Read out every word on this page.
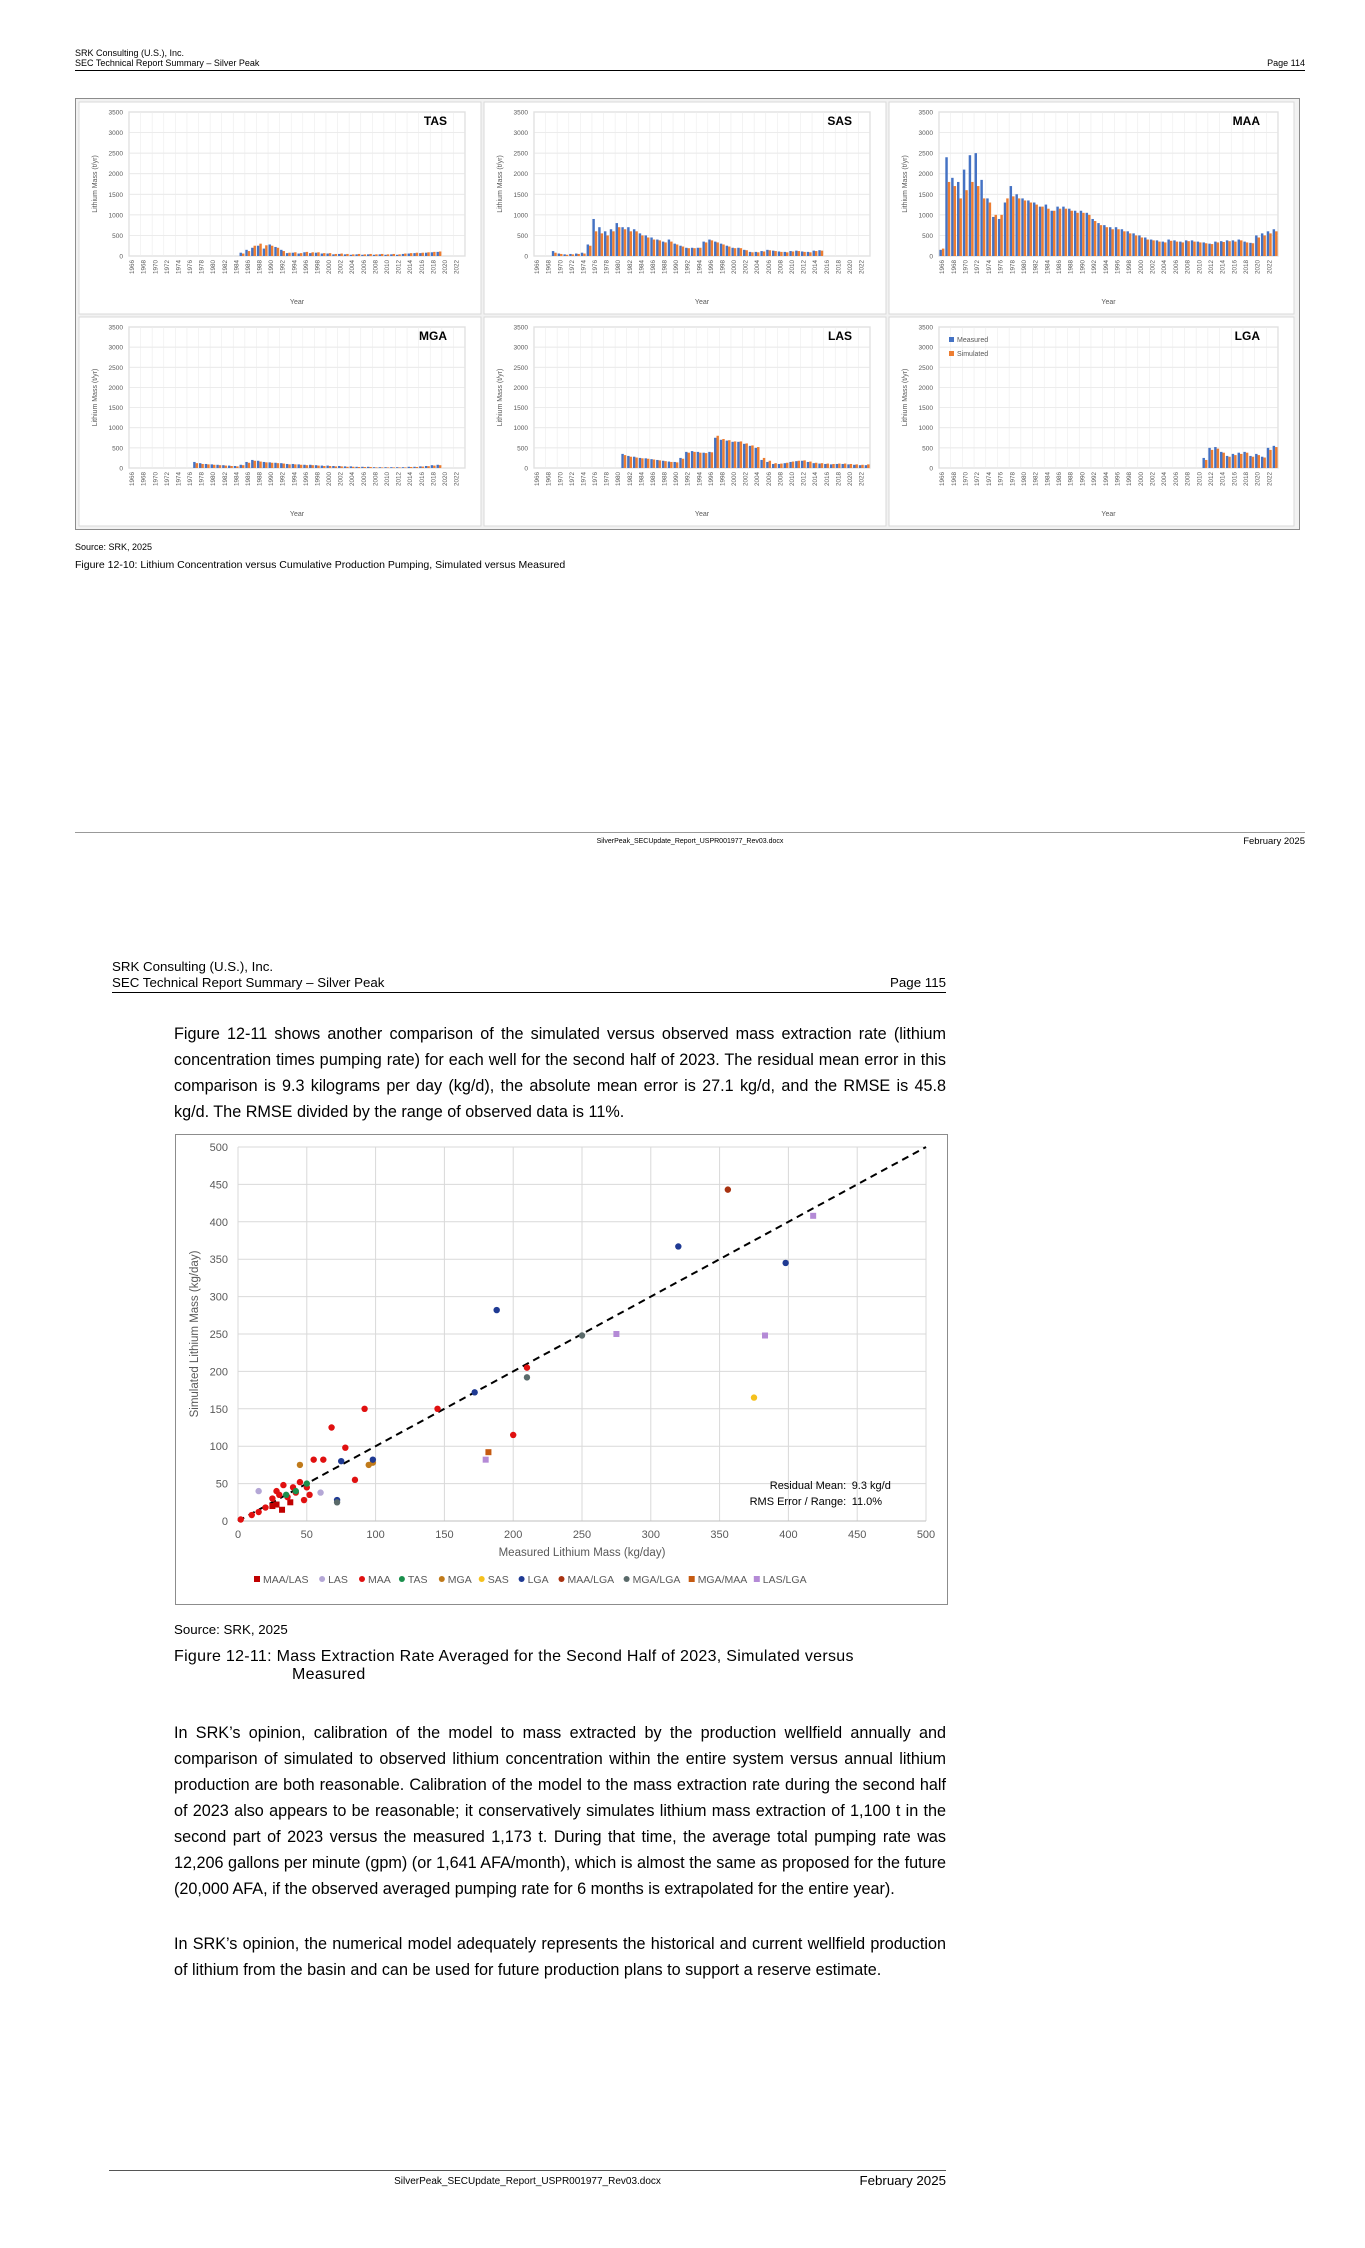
SRK Consulting (U.S.), Inc.
SEC Technical Report Summary – Silver Peak	Page 114
0
500
1000
1500
2000
2500
3000
3500
1966 1968 1970 1972 1974 1976 1978 1980 1982 1984 1986 1988 1990 1992 1994 1996 1998 2000 2002 2004 2006 2008 2010 2012 2014 2016 2018 2020 2022
Year
Lithium Mass (t/yr)
TAS
0
500
1000
1500
2000
2500
3000
3500
1966 1968 1970 1972 1974 1976 1978 1980 1982 1984 1986 1988 1990 1992 1994 1996 1998 2000 2002 2004 2006 2008 2010 2012 2014 2016 2018 2020 2022
Year
Lithium Mass (t/yr)
SAS
0
500
1000
1500
2000
2500
3000
3500
1966 1968 1970 1972 1974 1976 1978 1980 1982 1984 1986 1988 1990 1992 1994 1996 1998 2000 2002 2004 2006 2008 2010 2012 2014 2016 2018 2020 2022
Year
Lithium Mass (t/yr)
MAA
0
500
1000
1500
2000
2500
3000
3500
1966 1968 1970 1972 1974 1976 1978 1980 1982 1984 1986 1988 1990 1992 1994 1996 1998 2000 2002 2004 2006 2008 2010 2012 2014 2016 2018 2020 2022
Year
Lithium Mass (t/yr)
MGA
0
500
1000
1500
2000
2500
3000
3500
1966 1968 1970 1972 1974 1976 1978 1980 1982 1984 1986 1988 1990 1992 1994 1996 1998 2000 2002 2004 2006 2008 2010 2012 2014 2016 2018 2020 2022
Year
Lithium Mass (t/yr)
LAS
0
500
1000
1500
2000
2500
3000
3500
1966 1968 1970 1972 1974 1976 1978 1980 1982 1984 1986 1988 1990 1992 1994 1996 1998 2000 2002 2004 2006 2008 2010 2012 2014 2016 2018 2020 2022
Year
Lithium Mass (t/yr)
LGA
Measured
Simulated
Source: SRK, 2025
Figure 12-10: Lithium Concentration versus Cumulative Production Pumping, Simulated versus Measured
SilverPeak_SECUpdate_Report_USPR001977_Rev03.docx	February 2025
SRK Consulting (U.S.), Inc.
SEC Technical Report Summary – Silver Peak	Page 115
Figure 12-11 shows another comparison of the simulated versus observed mass extraction rate (lithium concentration times pumping rate) for each well for the second half of 2023. The residual mean error in this comparison is 9.3 kilograms per day (kg/d), the absolute mean error is 27.1 kg/d, and the RMSE is 45.8 kg/d. The RMSE divided by the range of observed data is 11%.
0
50
100
150
200
250
300
350
400
450
500
0	50	100	150	200	250	300	350	400	450	500
Measured Lithium Mass (kg/day)
Simulated Lithium Mass (kg/day)
Residual Mean: 9.3 kg/d
RMS Error / Range: 11.0%
MAA/LAS LAS MAA TAS MGA SAS LGA MAA/LGA MGA/LGA MGA/MAA LAS/LGA
Source: SRK, 2025
Figure 12-11: Mass Extraction Rate Averaged for the Second Half of 2023, Simulated versus
Measured
In SRK’s opinion, calibration of the model to mass extracted by the production wellfield annually and comparison of simulated to observed lithium concentration within the entire system versus annual lithium production are both reasonable. Calibration of the model to the mass extraction rate during the second half of 2023 also appears to be reasonable; it conservatively simulates lithium mass extraction of 1,100 t in the second part of 2023 versus the measured 1,173 t. During that time, the average total pumping rate was 12,206 gallons per minute (gpm) (or 1,641 AFA/month), which is almost the same as proposed for the future (20,000 AFA, if the observed averaged pumping rate for 6 months is extrapolated for the entire year).
In SRK’s opinion, the numerical model adequately represents the historical and current wellfield production of lithium from the basin and can be used for future production plans to support a reserve estimate.
SilverPeak_SECUpdate_Report_USPR001977_Rev03.docx	February 2025
